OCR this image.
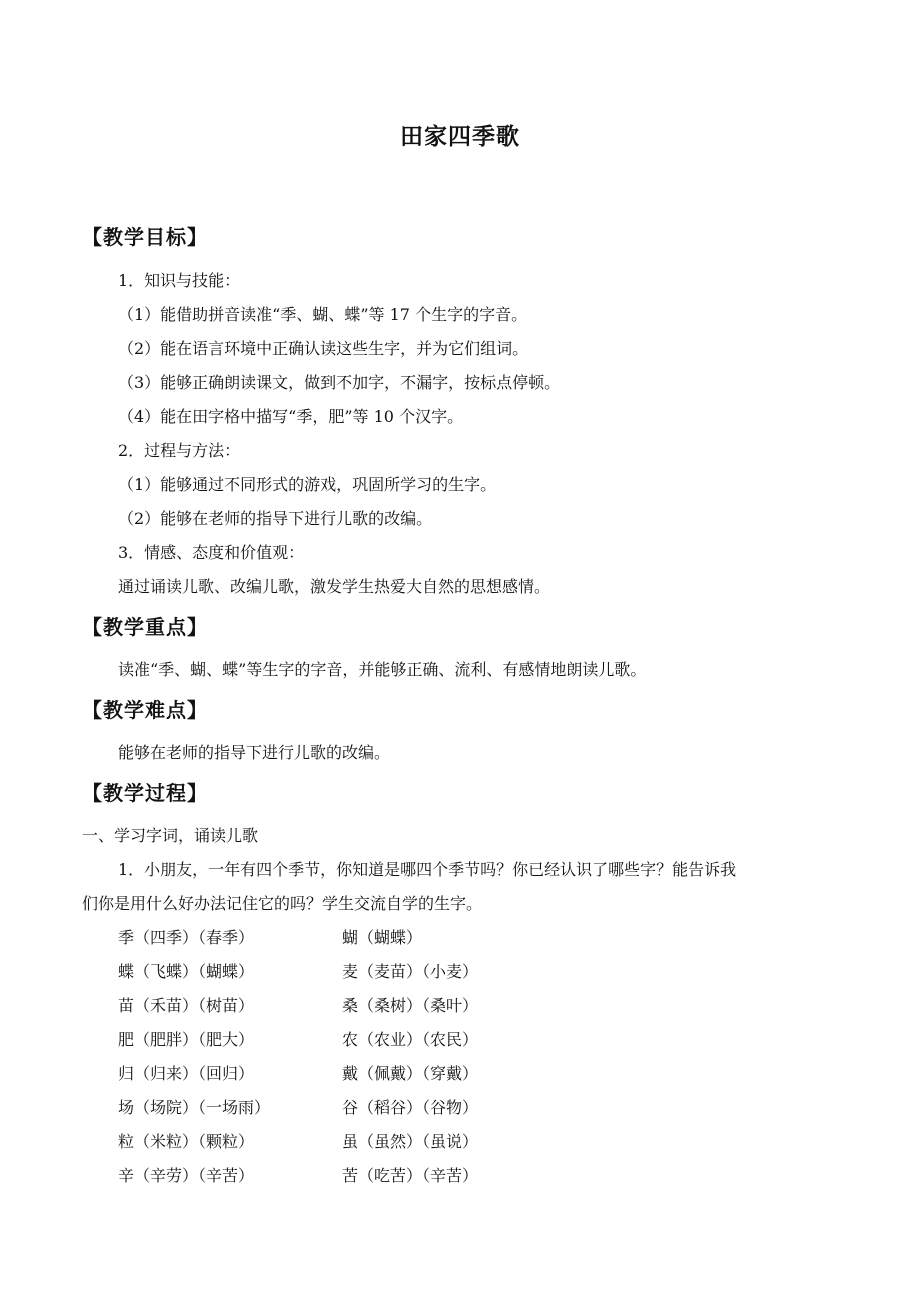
田家四季歌
【教学目标】
1．知识与技能：
（1）能借助拼音读准“季、蝴、蝶”等 17 个生字的字音。
（2）能在语言环境中正确认读这些生字，并为它们组词。
（3）能够正确朗读课文，做到不加字，不漏字，按标点停顿。
（4）能在田字格中描写“季，肥”等 10 个汉字。
2．过程与方法：
（1）能够通过不同形式的游戏，巩固所学习的生字。
（2）能够在老师的指导下进行儿歌的改编。
3．情感、态度和价值观：
通过诵读儿歌、改编儿歌，激发学生热爱大自然的思想感情。
【教学重点】
读准“季、蝴、蝶”等生字的字音，并能够正确、流利、有感情地朗读儿歌。
【教学难点】
能够在老师的指导下进行儿歌的改编。
【教学过程】
一、学习字词，诵读儿歌
1．小朋友，一年有四个季节，你知道是哪四个季节吗？你已经认识了哪些字？能告诉我
们你是用什么好办法记住它的吗？学生交流自学的生字。
季（四季）（春季）	蝴（蝴蝶）
蝶（飞蝶）（蝴蝶）	麦（麦苗）（小麦）
苗（禾苗）（树苗）	桑（桑树）（桑叶）
肥（肥胖）（肥大）	农（农业）（农民）
归（归来）（回归）	戴（佩戴）（穿戴）
场（场院）（一场雨）	谷（稻谷）（谷物）
粒（米粒）（颗粒）	虽（虽然）（虽说）
辛（辛劳）（辛苦）	苦（吃苦）（辛苦）
